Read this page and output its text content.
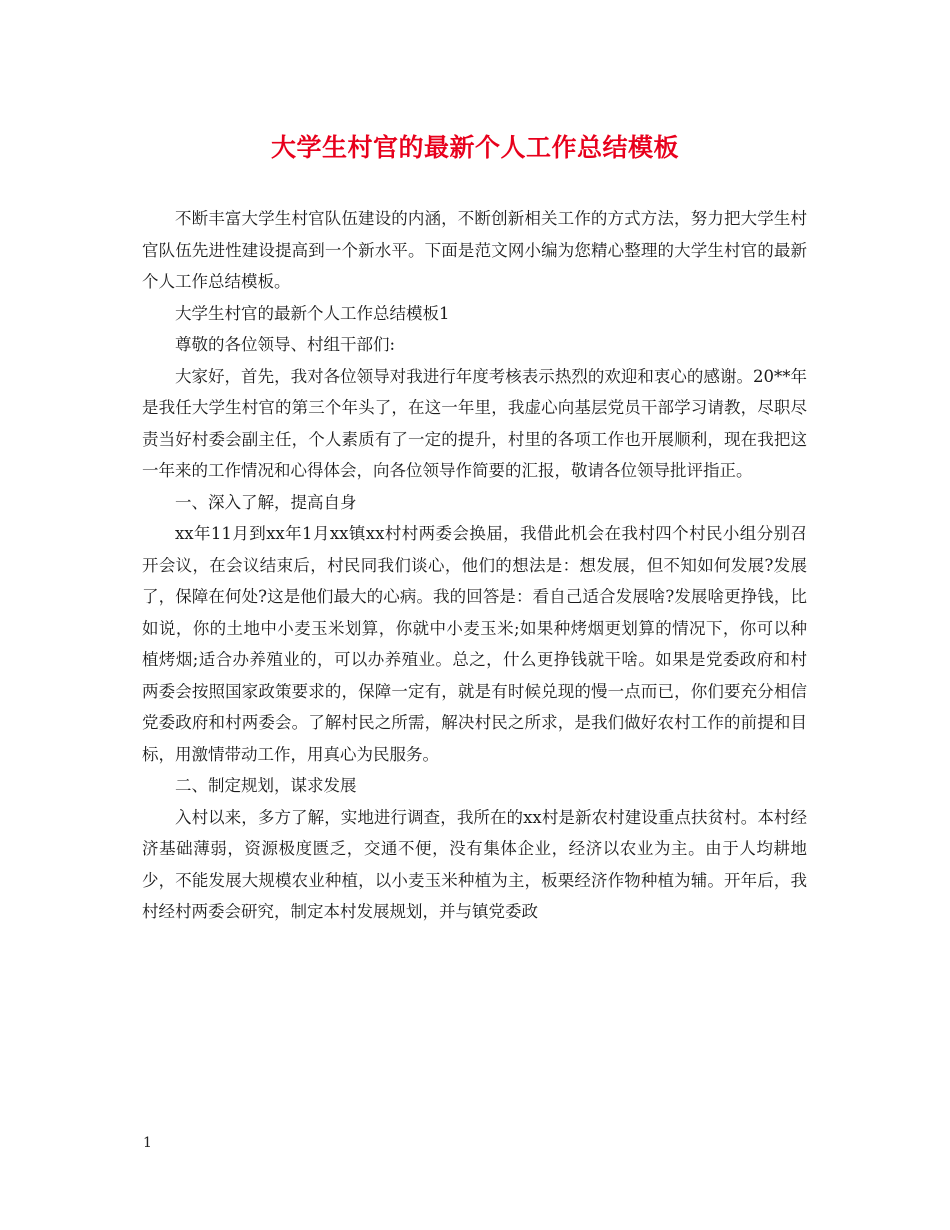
大学生村官的最新个人工作总结模板

不断丰富大学生村官队伍建设的内涵，不断创新相关工作的方式方法，努力把大学生村官队伍先进性建设提高到一个新水平。下面是范文网小编为您精心整理的大学生村官的最新个人工作总结模板。

大学生村官的最新个人工作总结模板1

尊敬的各位领导、村组干部们:

大家好，首先，我对各位领导对我进行年度考核表示热烈的欢迎和衷心的感谢。20**年是我任大学生村官的第三个年头了，在这一年里，我虚心向基层党员干部学习请教，尽职尽责当好村委会副主任，个人素质有了一定的提升，村里的各项工作也开展顺利，现在我把这一年来的工作情况和心得体会，向各位领导作简要的汇报，敬请各位领导批评指正。

一、深入了解，提高自身

xx年11月到xx年1月xx镇xx村村两委会换届，我借此机会在我村四个村民小组分别召开会议，在会议结束后，村民同我们谈心，他们的想法是：想发展，但不知如何发展?发展了，保障在何处?这是他们最大的心病。我的回答是：看自己适合发展啥?发展啥更挣钱，比如说，你的土地中小麦玉米划算，你就中小麦玉米;如果种烤烟更划算的情况下，你可以种植烤烟;适合办养殖业的，可以办养殖业。总之，什么更挣钱就干啥。如果是党委政府和村两委会按照国家政策要求的，保障一定有，就是有时候兑现的慢一点而已，你们要充分相信党委政府和村两委会。了解村民之所需，解决村民之所求，是我们做好农村工作的前提和目标，用激情带动工作，用真心为民服务。

二、制定规划，谋求发展

入村以来，多方了解，实地进行调查，我所在的xx村是新农村建设重点扶贫村。本村经济基础薄弱，资源极度匮乏，交通不便，没有集体企业，经济以农业为主。由于人均耕地少，不能发展大规模农业种植，以小麦玉米种植为主，板栗经济作物种植为辅。开年后，我村经村两委会研究，制定本村发展规划，并与镇党委政

1
